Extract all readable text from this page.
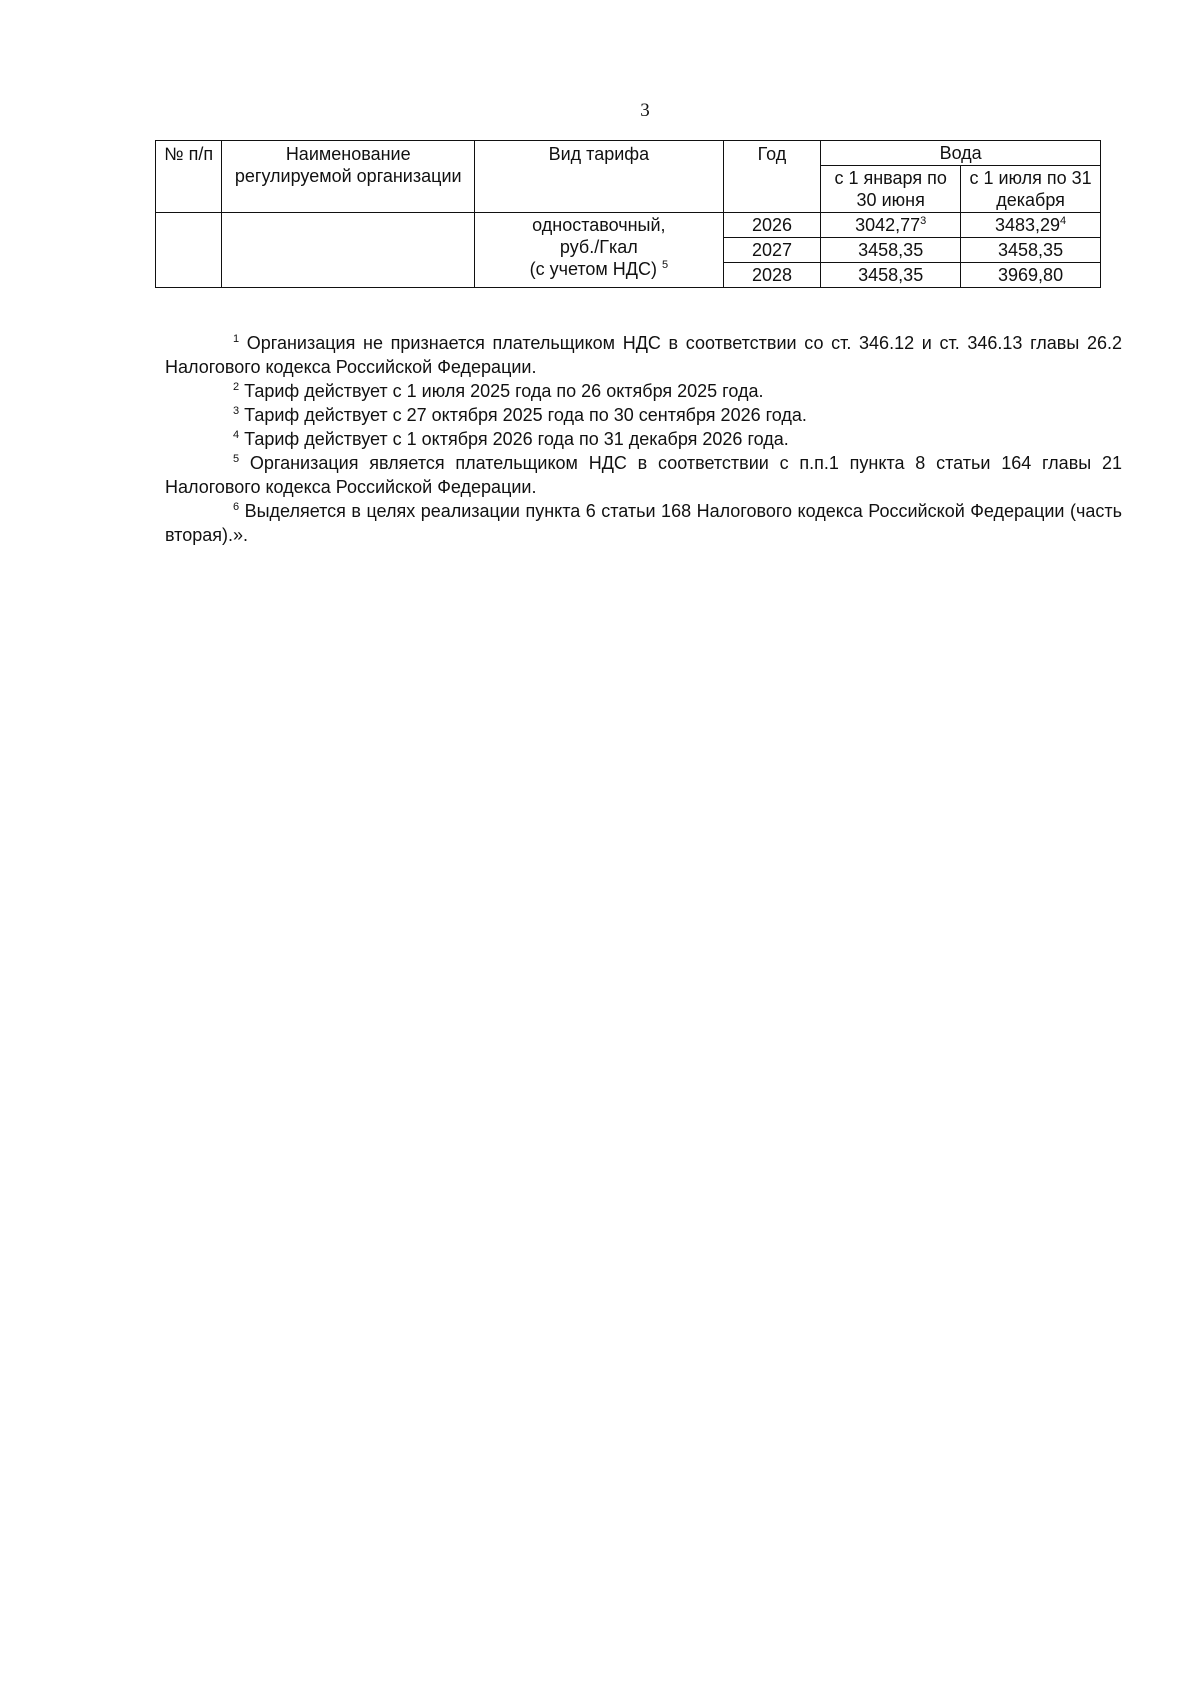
3
№ п/п	Наименование регулируемой организации	Вид тарифа	Год	Вода	
				с 1 января по 30 июня	с 1 июля по 31 декабря

		одноставочный,
руб./Гкал
(с учетом НДС) $^5$	2026	3042,77$^3$	3483,29$^4$
			2027	3458,35	3458,35
			2028	3458,35	3969,80

$^1$ Организация не признается плательщиком НДС в соответствии со ст. 346.12 и ст. 346.13 главы 26.2 Налогового кодекса Российской Федерации.

$^2$ Тариф действует с 1 июля 2025 года по 26 октября 2025 года.

$^3$ Тариф действует с 27 октября 2025 года по 30 сентября 2026 года.

$^4$ Тариф действует с 1 октября 2026 года по 31 декабря 2026 года.

$^5$ Организация является плательщиком НДС в соответствии с п.п.1 пункта 8 статьи 164 главы 21 Налогового кодекса Российской Федерации.

$^6$ Выделяется в целях реализации пункта 6 статьи 168 Налогового кодекса Российской Федерации (часть вторая).».
